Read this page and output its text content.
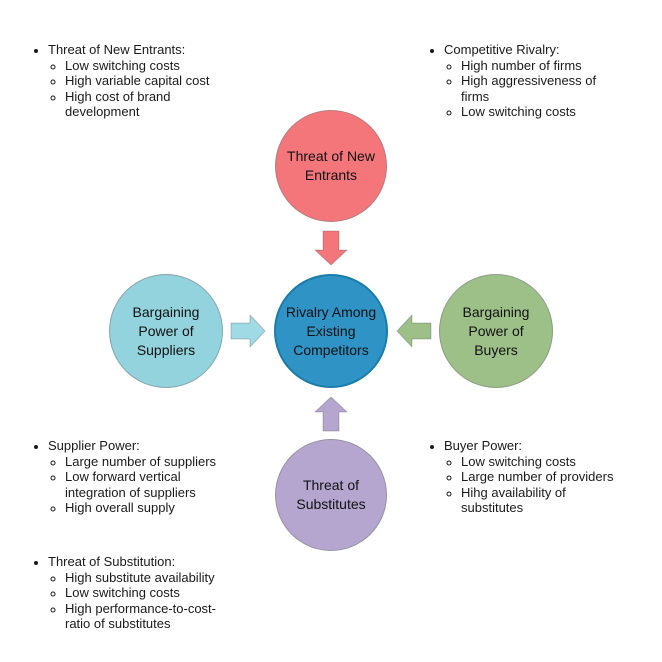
• Threat of New Entrants:
◦ Low switching costs
◦ High variable capital cost
◦ High cost of brand
development
• Competitive Rivalry:
◦ High number of firms
◦ High aggressiveness of
firms
◦ Low switching costs
• Supplier Power:
◦ Large number of suppliers
◦ Low forward vertical
integration of suppliers
◦ High overall supply
• Threat of Substitution:
◦ High substitute availability
◦ Low switching costs
◦ High performance-to-cost-
ratio of substitutes
• Buyer Power:
◦ Low switching costs
◦ Large number of providers
◦ Hihg availability of
substitutes
Threat of New
Entrants
Rivalry Among
Existing
Competitors
Bargaining
Power of
Suppliers
Bargaining
Power of
Buyers
Threat of
Substitutes
